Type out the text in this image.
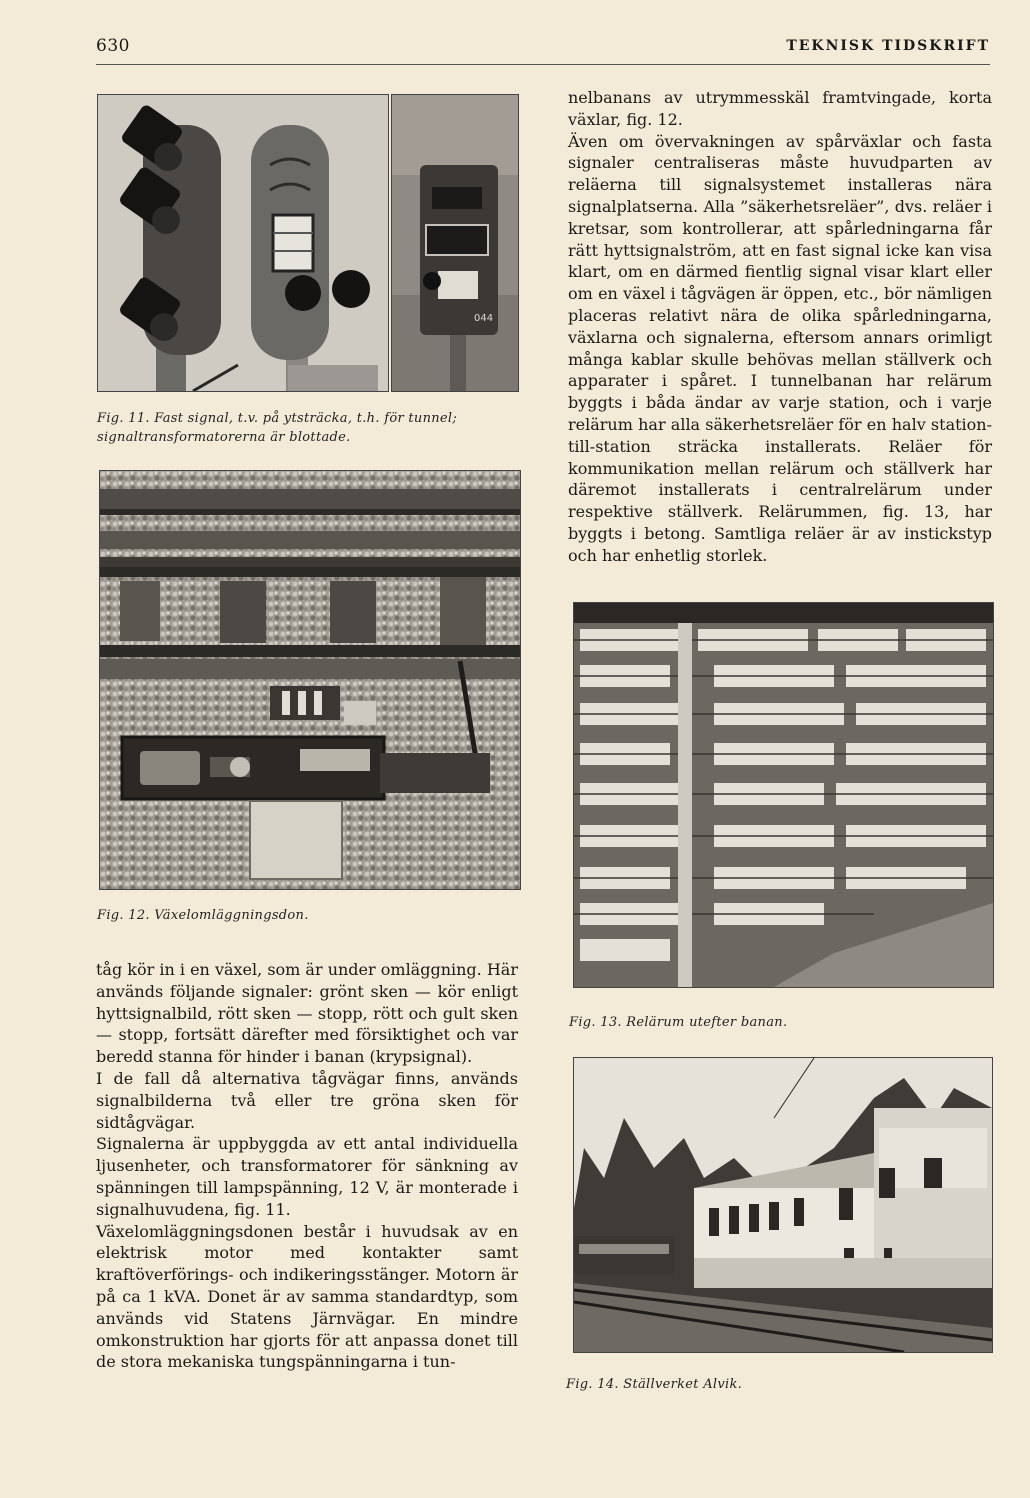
630	TEKNISK TIDSKRIFT
044
Fig. 11. Fast signal, t.v. på ytsträcka, t.h. för tunnel; signaltransformatorerna är blottade.
Fig. 12. Växelomläggningsdon.
Fig. 13. Relärum utefter banan.
Fig. 14. Ställverket Alvik.

nelbanans av utrymmesskäl framtvingade, korta växlar, fig. 12.

Även om övervakningen av spårväxlar och fasta signaler centraliseras måste huvudparten av reläerna till signalsystemet installeras nära signalplatserna. Alla ”säkerhetsreläer”, dvs. reläer i kretsar, som kontrollerar, att spårledningarna får rätt hyttsignalström, att en fast signal icke kan visa klart, om en därmed fientlig signal visar klart eller om en växel i tågvägen är öppen, etc., bör nämligen placeras relativt nära de olika spårledningarna, växlarna och signalerna, eftersom annars orimligt många kablar skulle behövas mellan ställverk och apparater i spåret. I tunnelbanan har relärum byggts i båda ändar av varje station, och i varje relärum har alla säkerhetsreläer för en halv station-till-station sträcka installerats. Reläer för kommunikation mellan relärum och ställverk har däremot installerats i centralrelärum under respektive ställverk. Relärummen, fig. 13, har byggts i betong. Samtliga reläer är av instickstyp och har enhetlig storlek.

tåg kör in i en växel, som är under omläggning. Här används följande signaler: grönt sken — kör enligt hyttsignalbild, rött sken — stopp, rött och gult sken — stopp, fortsätt därefter med försiktighet och var beredd stanna för hinder i banan (krypsignal).

I de fall då alternativa tågvägar finns, används signalbilderna två eller tre gröna sken för sidtågvägar.

Signalerna är uppbyggda av ett antal individuella ljusenheter, och transformatorer för sänkning av spänningen till lampspänning, 12 V, är monterade i signalhuvudena, fig. 11.

Växelomläggningsdonen består i huvudsak av en elektrisk motor med kontakter samt kraftöverförings- och indikeringsstänger. Motorn är på ca 1 kVA. Donet är av samma standardtyp, som används vid Statens Järnvägar. En mindre omkonstruktion har gjorts för att anpassa donet till de stora mekaniska tungspänningarna i tun-
